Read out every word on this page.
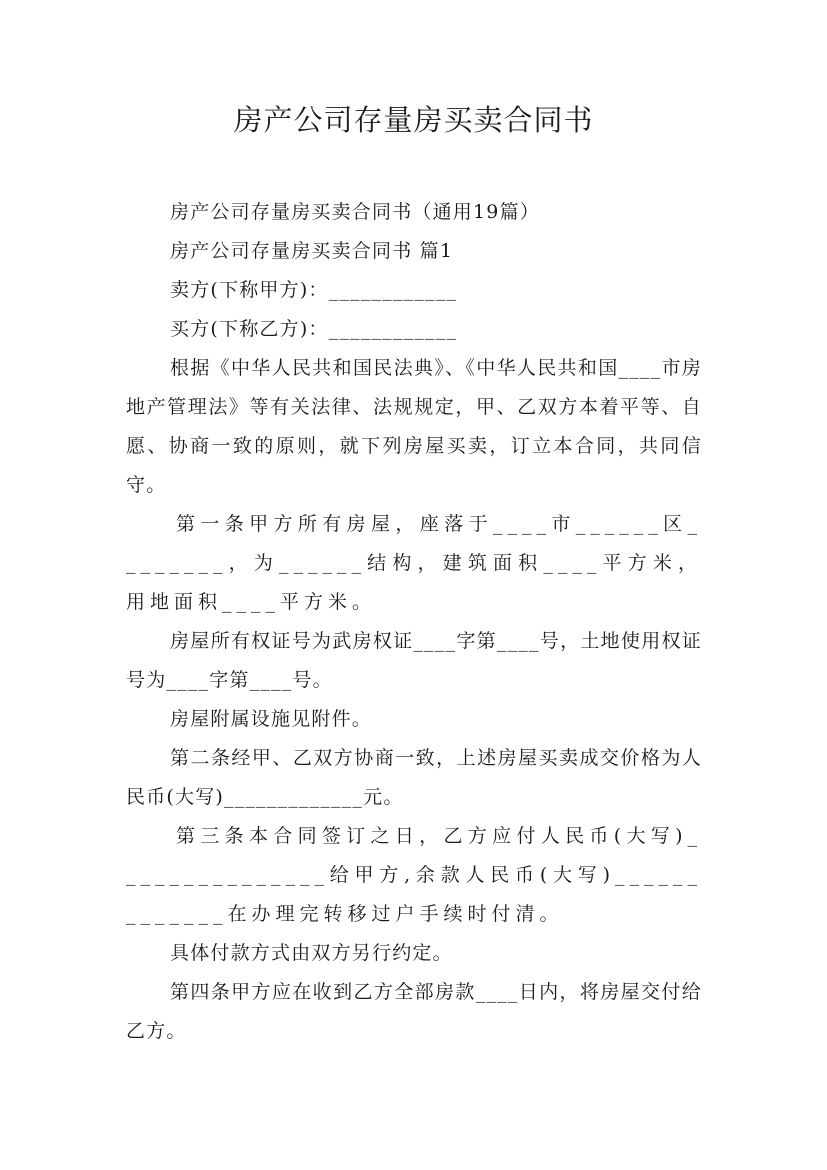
房产公司存量房买卖合同书

房产公司存量房买卖合同书（通用19篇）

房产公司存量房买卖合同书 篇1

卖方(下称甲方)：____________

买方(下称乙方)：____________

根据《中华人民共和国民法典》、《中华人民共和国____市房地产管理法》等有关法律、法规规定，甲、乙双方本着平等、自愿、协商一致的原则，就下列房屋买卖，订立本合同，共同信守。

第一条甲方所有房屋，座落于____市______区________，为______结构，建筑面积____平方米，用地面积____平方米。

房屋所有权证号为武房权证____字第____号，土地使用权证号为____字第____号。

房屋附属设施见附件。

第二条经甲、乙双方协商一致，上述房屋买卖成交价格为人民币(大写)_____________元。

第三条本合同签订之日，乙方应付人民币(大写)_______________给甲方,余款人民币(大写)_____________在办理完转移过户手续时付清。

具体付款方式由双方另行约定。

第四条甲方应在收到乙方全部房款____日内，将房屋交付给乙方。
